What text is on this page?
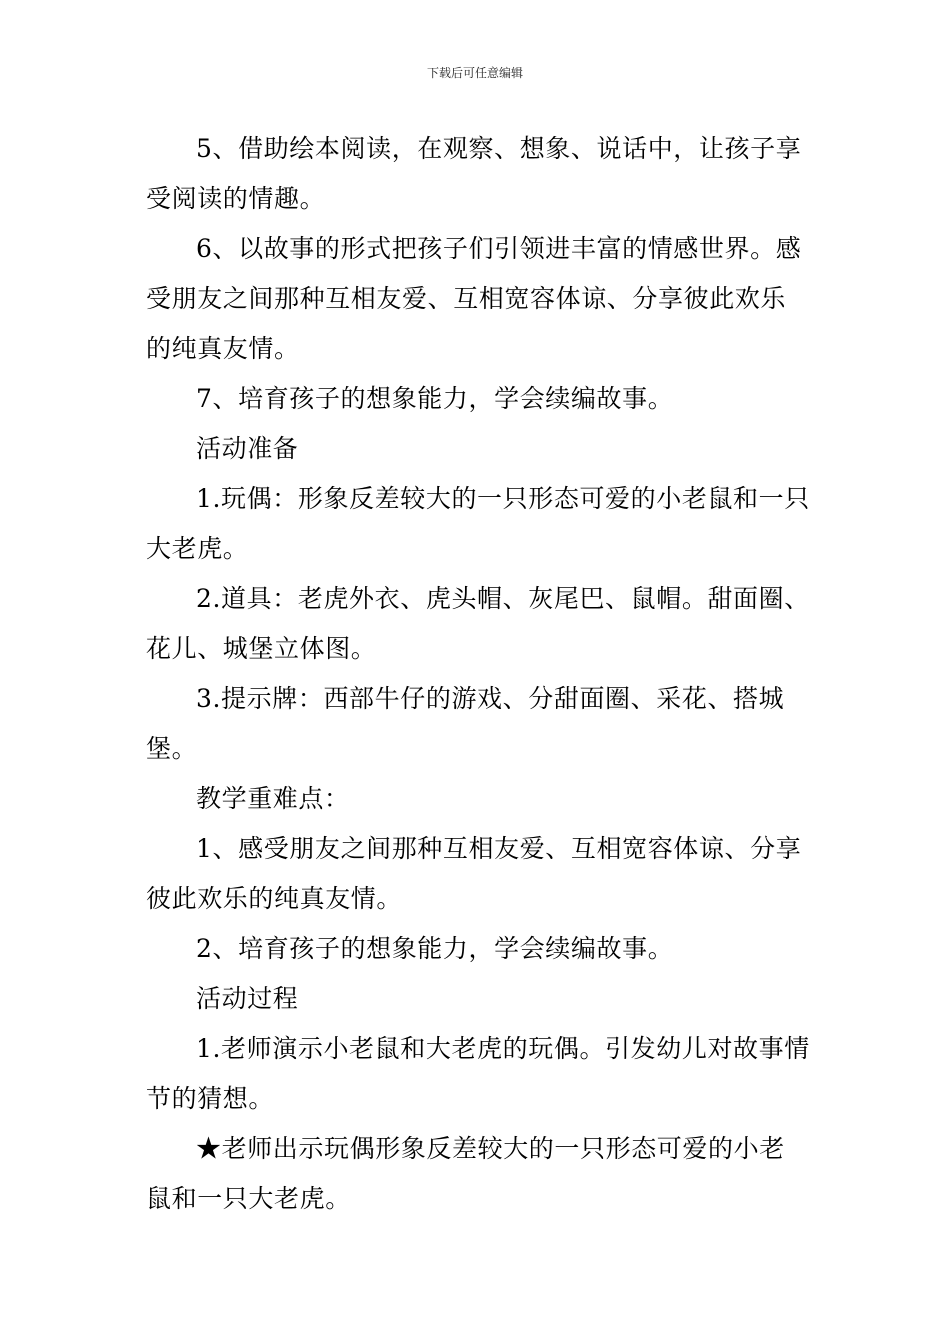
下载后可任意编辑

5、借助绘本阅读，在观察、想象、说话中，让孩子享受阅读的情趣。

6、以故事的形式把孩子们引领进丰富的情感世界。感受朋友之间那种互相友爱、互相宽容体谅、分享彼此欢乐的纯真友情。

7、培育孩子的想象能力，学会续编故事。

活动准备

1.玩偶：形象反差较大的一只形态可爱的小老鼠和一只大老虎。

2.道具：老虎外衣、虎头帽、灰尾巴、鼠帽。甜面圈、花儿、城堡立体图。

3.提示牌：西部牛仔的游戏、分甜面圈、采花、搭城堡。

教学重难点：

1、感受朋友之间那种互相友爱、互相宽容体谅、分享彼此欢乐的纯真友情。

2、培育孩子的想象能力，学会续编故事。

活动过程

1.老师演示小老鼠和大老虎的玩偶。引发幼儿对故事情节的猜想。

★老师出示玩偶形象反差较大的一只形态可爱的小老鼠和一只大老虎。
